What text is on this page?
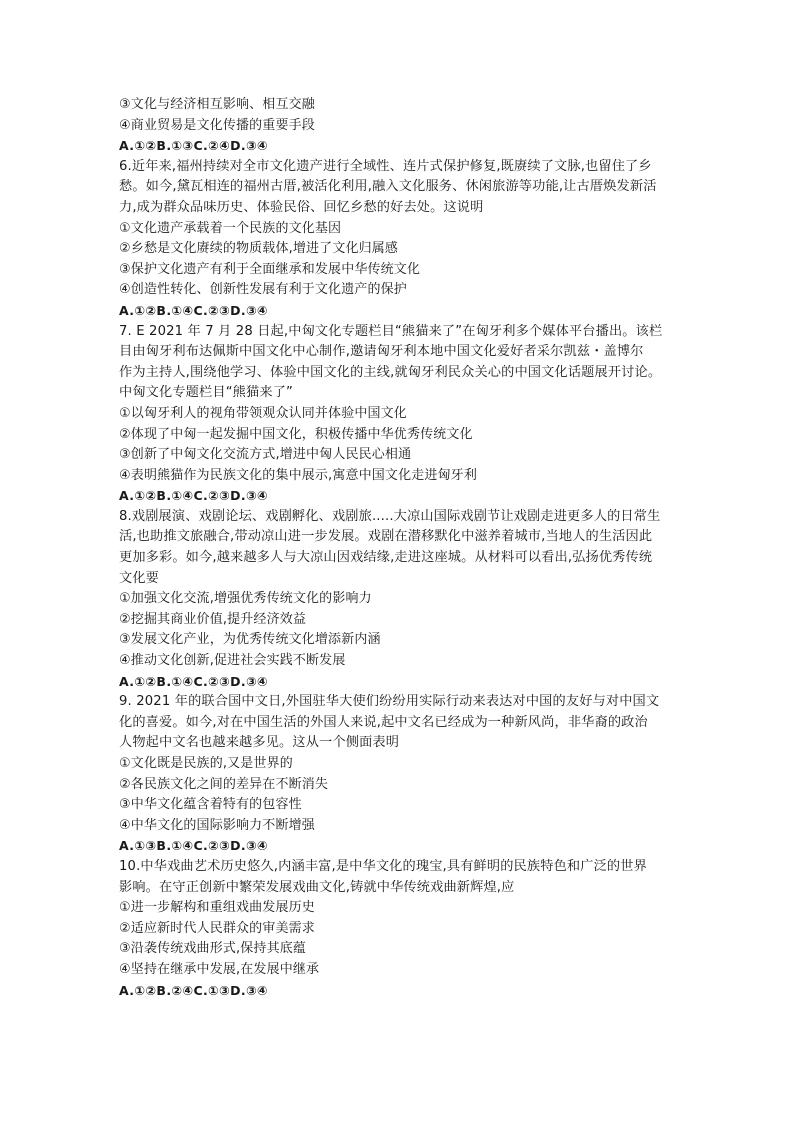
③文化与经济相互影响、相互交融
④商业贸易是文化传播的重要手段
A.①②B.①③C.②④D.③④
6.近年来,福州持续对全市文化遗产进行全域性、连片式保护修复,既赓续了文脉,也留住了乡
愁。如今,黛瓦相连的福州古厝,被活化利用,融入文化服务、休闲旅游等功能,让古厝焕发新活
力,成为群众品味历史、体验民俗、回忆乡愁的好去处。这说明
①文化遗产承载着一个民族的文化基因
②乡愁是文化赓续的物质载体,增进了文化归属感
③保护文化遗产有利于全面继承和发展中华传统文化
④创造性转化、创新性发展有利于文化遗产的保护
A.①②B.①④C.②③D.③④
7. E 2021 年 7 月 28 日起,中匈文化专题栏目“熊猫来了”在匈牙利多个媒体平台播出。该栏
目由匈牙利布达佩斯中国文化中心制作,邀请匈牙利本地中国文化爱好者采尔凯兹・盖博尔
作为主持人,围绕他学习、体验中国文化的主线,就匈牙利民众关心的中国文化话题展开讨论。
中匈文化专题栏目“熊猫来了”
①以匈牙利人的视角带领观众认同并体验中国文化
②体现了中匈一起发掘中国文化，积极传播中华优秀传统文化
③创新了中匈文化交流方式,增进中匈人民民心相通
④表明熊猫作为民族文化的集中展示,寓意中国文化走进匈牙利
A.①②B.①④C.②③D.③④
8.戏剧展演、戏剧论坛、戏剧孵化、戏剧旅.....大凉山国际戏剧节让戏剧走进更多人的日常生
活,也助推文旅融合,带动凉山进一步发展。戏剧在潜移默化中滋养着城市,当地人的生活因此
更加多彩。如今,越来越多人与大凉山因戏结缘,走进这座城。从材料可以看出,弘扬优秀传统
文化要
①加强文化交流,增强优秀传统文化的影响力
②挖掘其商业价值,提升经济效益
③发展文化产业，为优秀传统文化增添新内涵
④推动文化创新,促进社会实践不断发展
A.①②B.①④C.②③D.③④
9. 2021 年的联合国中文日,外国驻华大使们纷纷用实际行动来表达对中国的友好与对中国文
化的喜爱。如今,对在中国生活的外国人来说,起中文名已经成为一种新风尚，非华裔的政治
人物起中文名也越来越多见。这从一个侧面表明
①文化既是民族的,又是世界的
②各民族文化之间的差异在不断消失
③中华文化蕴含着特有的包容性
④中华文化的国际影响力不断增强
A.①③B.①④C.②③D.③④
10.中华戏曲艺术历史悠久,内涵丰富,是中华文化的瑰宝,具有鲜明的民族特色和广泛的世界
影响。在守正创新中繁荣发展戏曲文化,铸就中华传统戏曲新辉煌,应
①进一步解构和重组戏曲发展历史
②适应新时代人民群众的审美需求
③沿袭传统戏曲形式,保持其底蕴
④坚持在继承中发展,在发展中继承
A.①②B.②④C.①③D.③④
